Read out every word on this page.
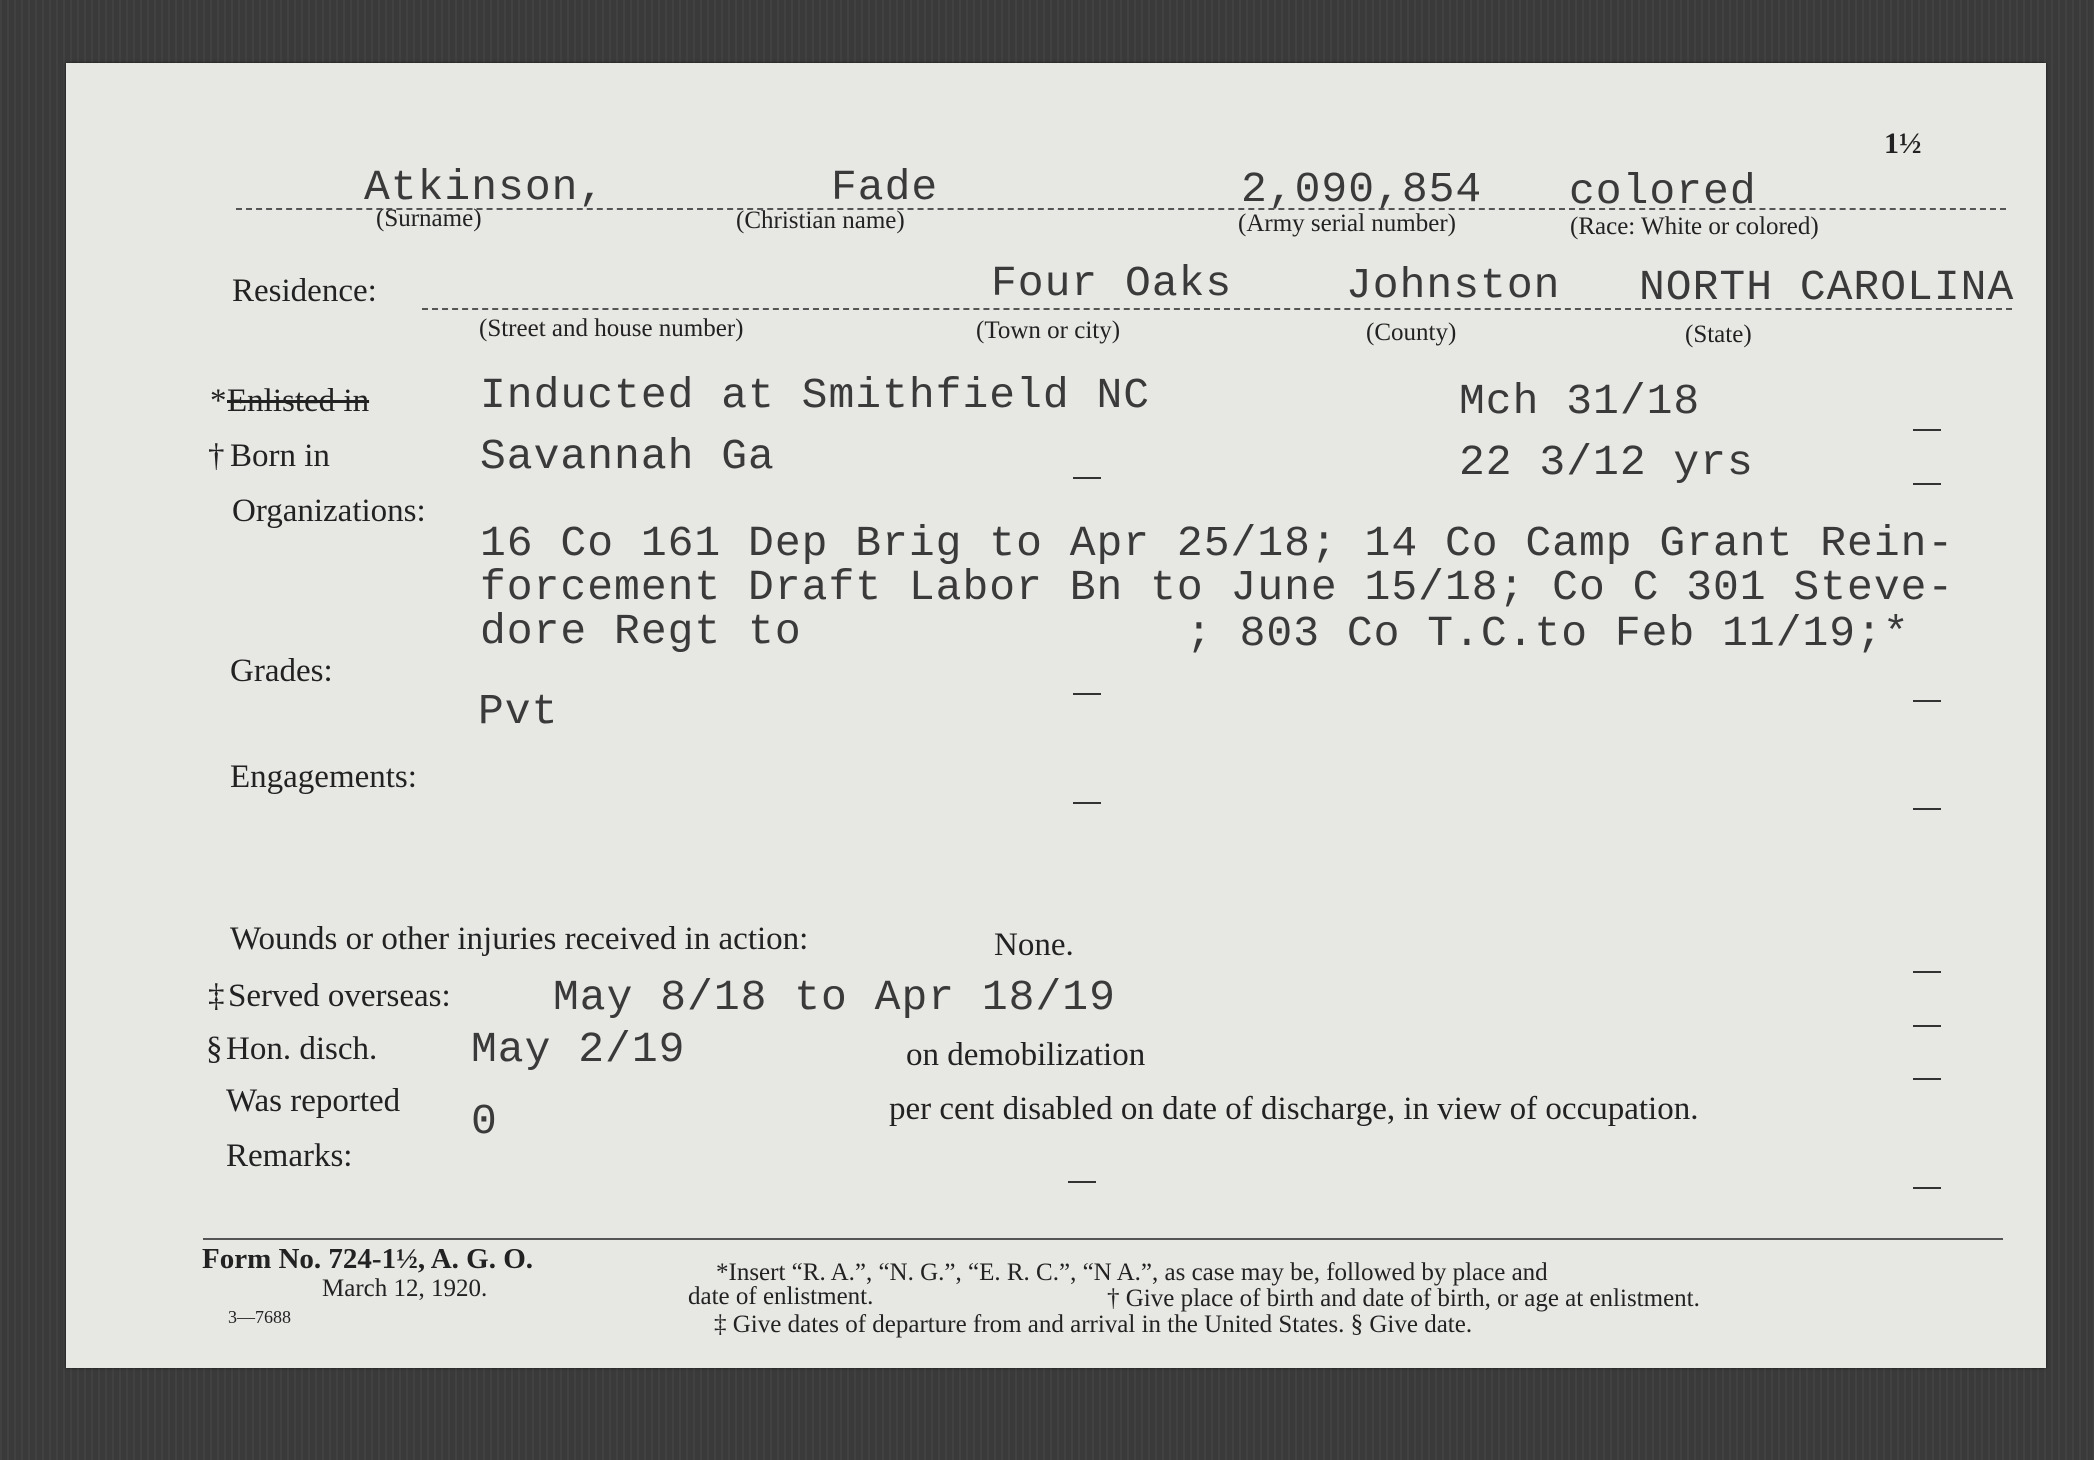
1½
Atkinson,	Fade	2,090,854 colored
(Surname)	(Christian name)	(Army serial number)	(Race: White or colored)
Residence:	Four Oaks	Johnston NORTH CAROLINA
(Street and house number)	(Town or city)	(County)	(State)
* Enlisted in	Inducted at Smithfield NC	Mch 31/18
† Born in	Savannah Ga	22 3/12 yrs
Organizations:
16 Co 161 Dep Brig to Apr 25/18; 14 Co Camp Grant Rein-
forcement Draft Labor Bn to June 15/18; Co C 301 Steve-
dore Regt to	; 803 Co T.C.to Feb 11/19;*
Grades:
Pvt
Engagements:
Wounds or other injuries received in action:	None.
‡ Served overseas: May 8/18 to Apr 18/19
§ Hon. disch. May 2/19	on demobilization
Was reported 0	per cent disabled on date of discharge, in view of occupation.
Remarks:
Form No. 724-1½, A. G. O.
March 12, 1920.
3—7688
*Insert “R. A.”, “N. G.”, “E. R. C.”, “N A.”, as case may be, followed by place and
date of enlistment.	† Give place of birth and date of birth, or age at enlistment.
‡ Give dates of departure from and arrival in the United States. § Give date.
